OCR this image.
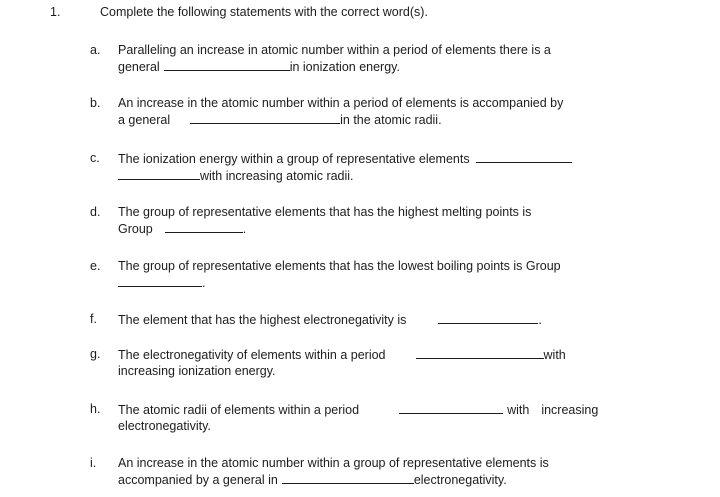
1.	Complete the following statements with the correct word(s).
a.	Paralleling an increase in atomic number within a period of elements there is a
general	in ionization energy.
b.	An increase in the atomic number within a period of elements is accompanied by
a general	in the atomic radii.
c.	The ionization energy within a group of representative elements
with increasing atomic radii.
d.	The group of representative elements that has the highest melting points is
Group	.
e.	The group of representative elements that has the lowest boiling points is Group
.
f.	The element that has the highest electronegativity is	.
g.	The electronegativity of elements within a period	with
increasing ionization energy.
h.	The atomic radii of elements within a period	with increasing
electronegativity.
i.	An increase in the atomic number within a group of representative elements is
accompanied by a general in	electronegativity.
